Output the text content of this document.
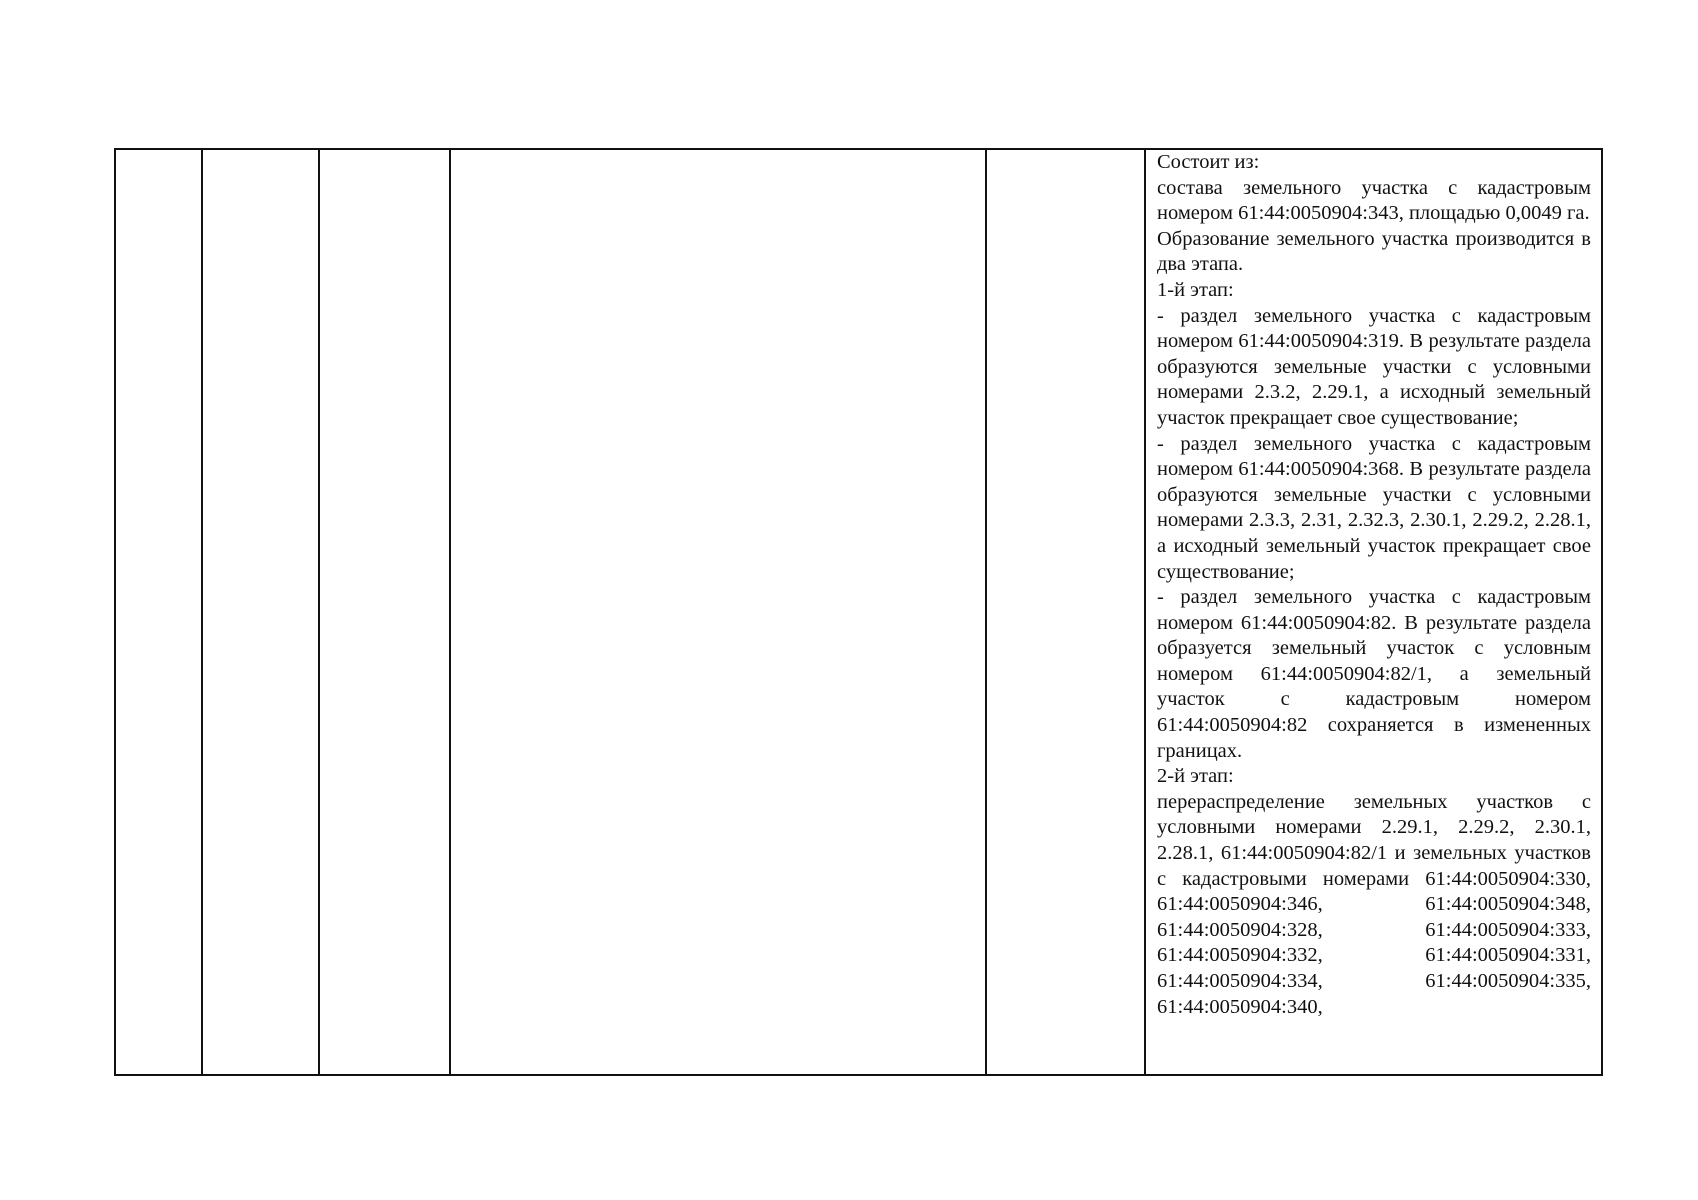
Состоит из:
состава земельного участка с кадастровым номером 61:44:0050904:343, площадью 0,0049 га.
Образование земельного участка производится в два этапа.
1-й этап:
- раздел земельного участка с кадастровым номером 61:44:0050904:319. В результате раздела образуются земельные участки с условными номерами 2.3.2, 2.29.1, а исходный земельный участок прекращает свое существование;
- раздел земельного участка с кадастровым номером 61:44:0050904:368. В результате раздела образуются земельные участки с условными номерами 2.3.3, 2.31, 2.32.3, 2.30.1, 2.29.2, 2.28.1, а исходный земельный участок прекращает свое существование;
- раздел земельного участка с кадастровым номером 61:44:0050904:82. В результате раздела образуется земельный участок с условным номером 61:44:0050904:82/1, а земельный участок с кадастровым номером 61:44:0050904:82 сохраняется в измененных границах.
2-й этап:
перераспределение земельных участков с условными номерами 2.29.1, 2.29.2, 2.30.1, 2.28.1, 61:44:0050904:82/1 и земельных участков с кадастровыми номерами 61:44:0050904:330, 61:44:0050904:346, 61:44:0050904:348, 61:44:0050904:328, 61:44:0050904:333, 61:44:0050904:332, 61:44:0050904:331, 61:44:0050904:334, 61:44:0050904:335, 61:44:0050904:340,
